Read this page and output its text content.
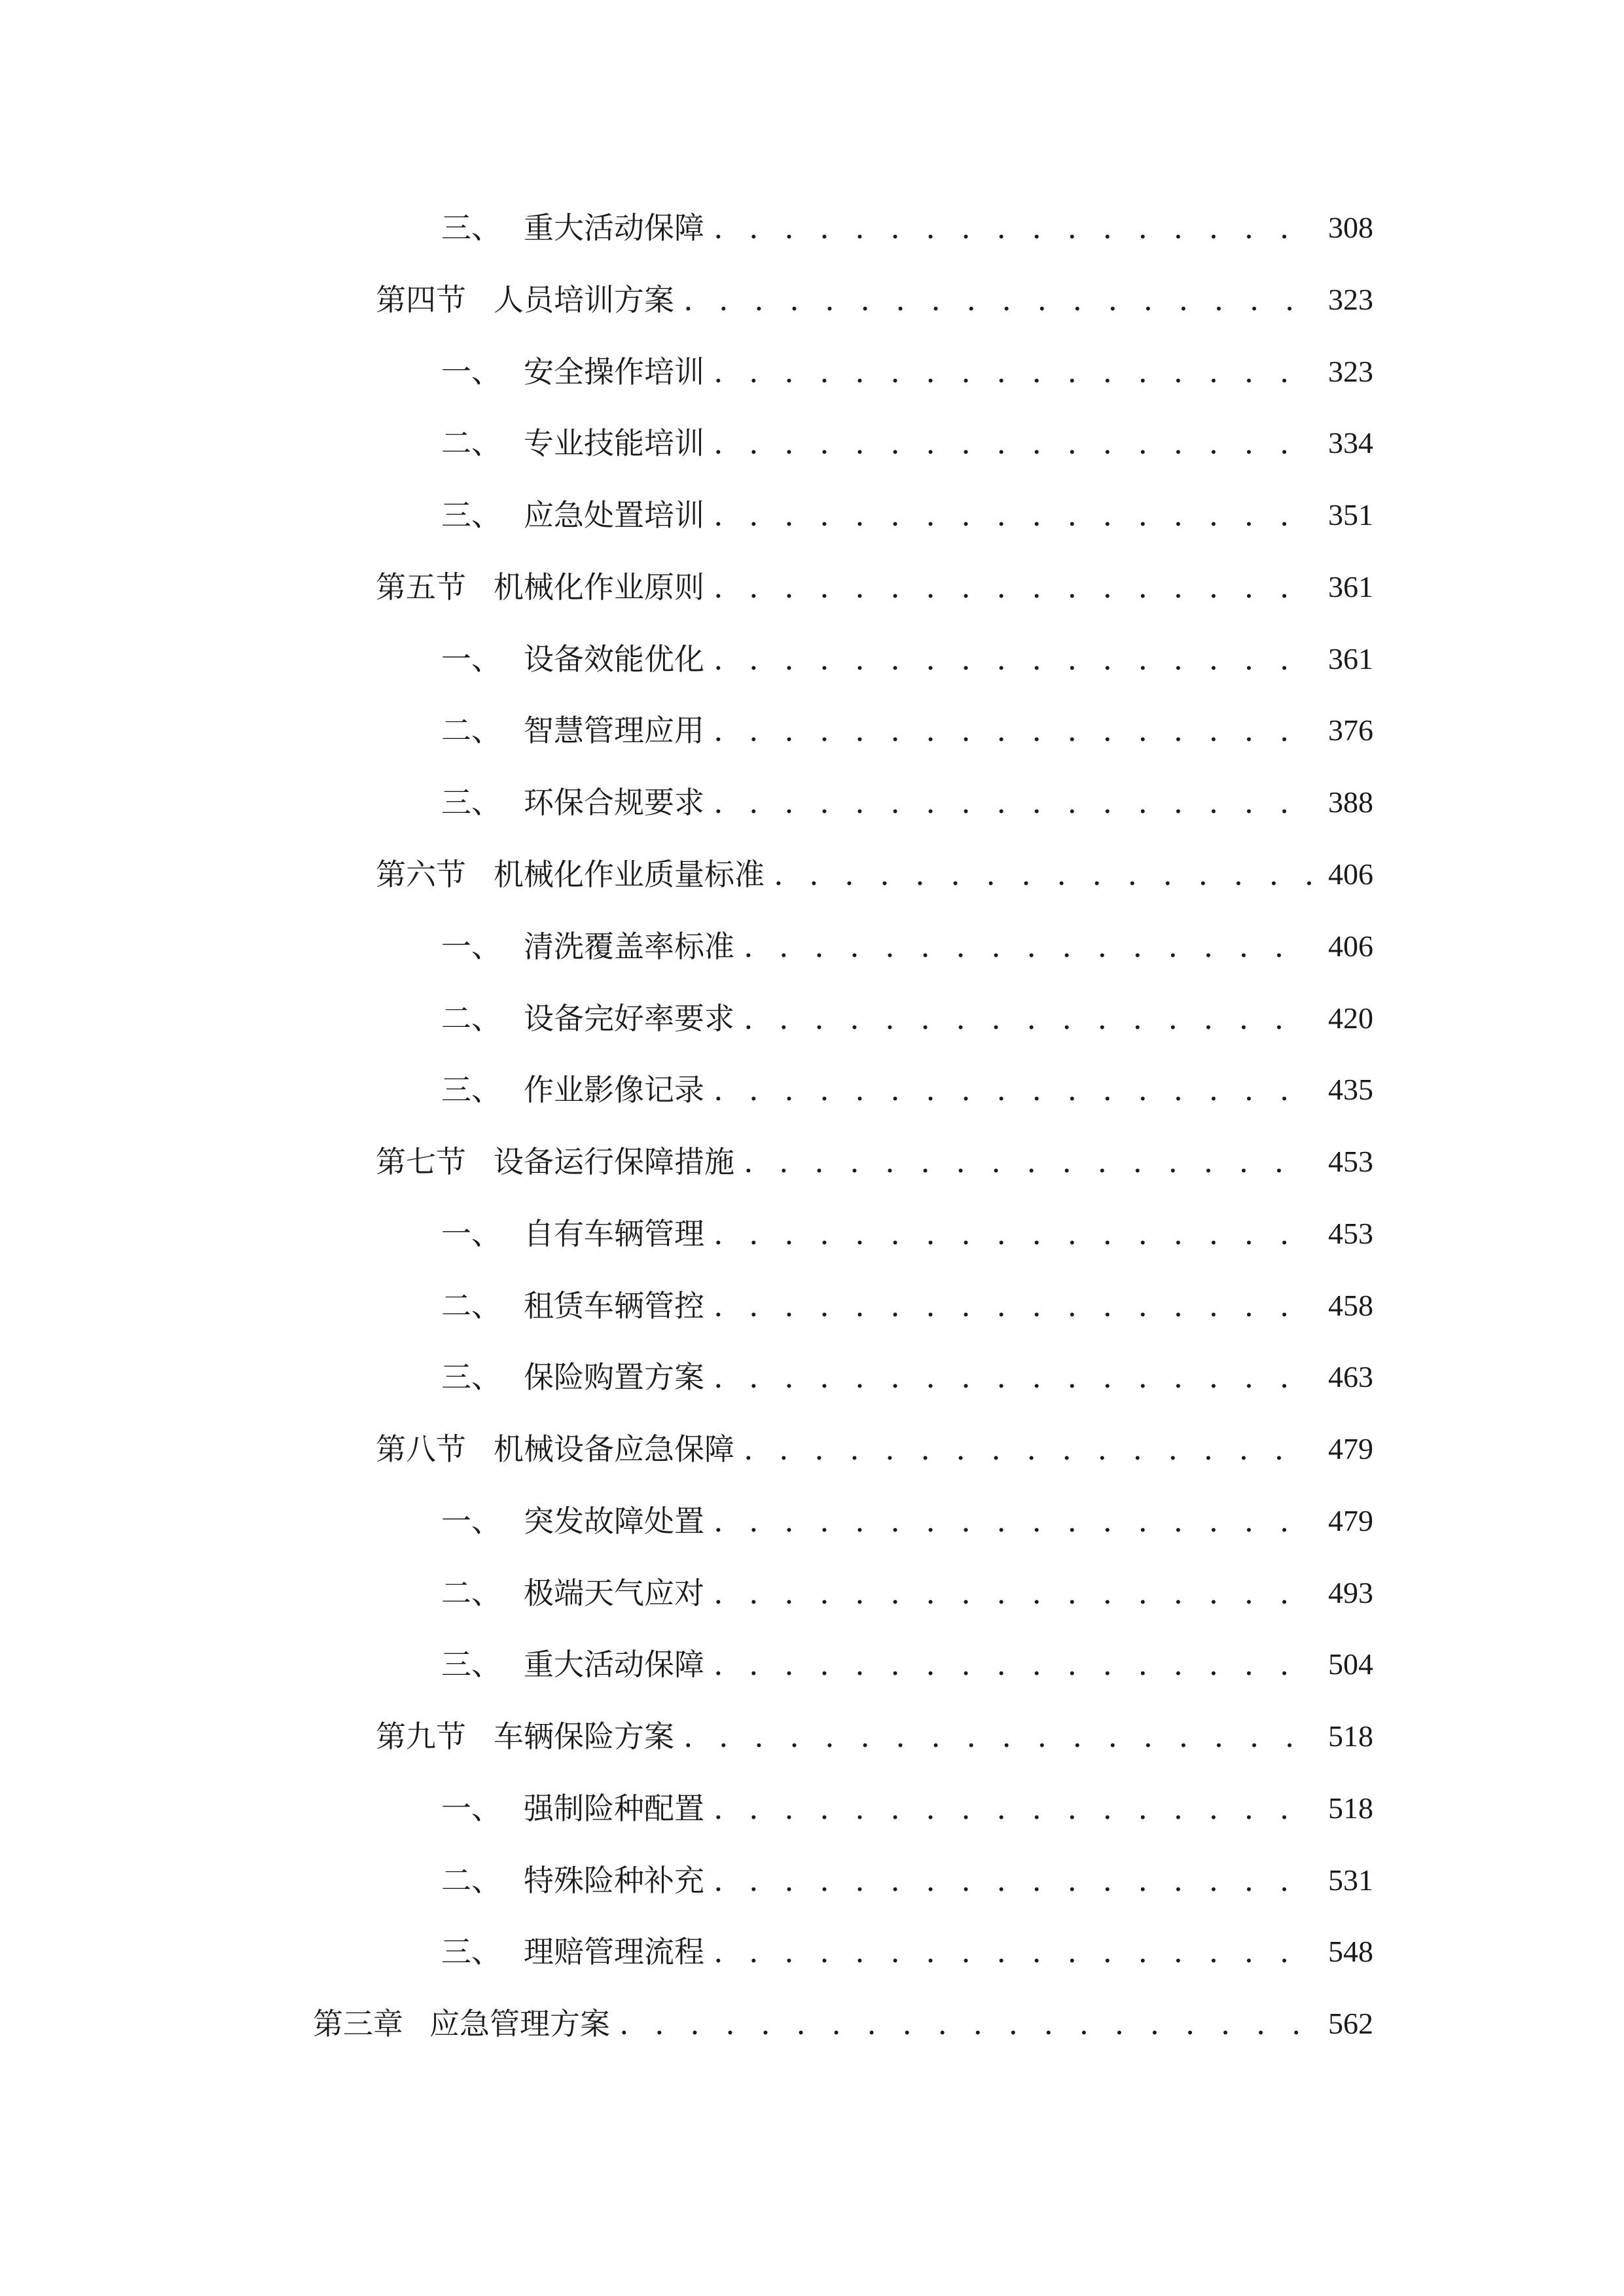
三、 重大活动保障 . . .	308
第四节 人员培训方案 . . .	323
一、 安全操作培训 . . .	323
二、 专业技能培训 . . .	334
三、 应急处置培训 . . .	351
第五节 机械化作业原则 . . .	361
一、 设备效能优化 . . .	361
二、 智慧管理应用 . . .	376
三、 环保合规要求 . . .	388
第六节 机械化作业质量标准 . . .	406
一、 清洗覆盖率标准 . . .	406
二、 设备完好率要求 . . .	420
三、 作业影像记录 . . .	435
第七节 设备运行保障措施 . . .	453
一、 自有车辆管理 . . .	453
二、 租赁车辆管控 . . .	458
三、 保险购置方案 . . .	463
第八节 机械设备应急保障 . . .	479
一、 突发故障处置 . . .	479
二、 极端天气应对 . . .	493
三、 重大活动保障 . . .	504
第九节 车辆保险方案 . . .	518
一、 强制险种配置 . . .	518
二、 特殊险种补充 . . .	531
三、 理赔管理流程 . . .	548
第三章 应急管理方案 . . .	562
